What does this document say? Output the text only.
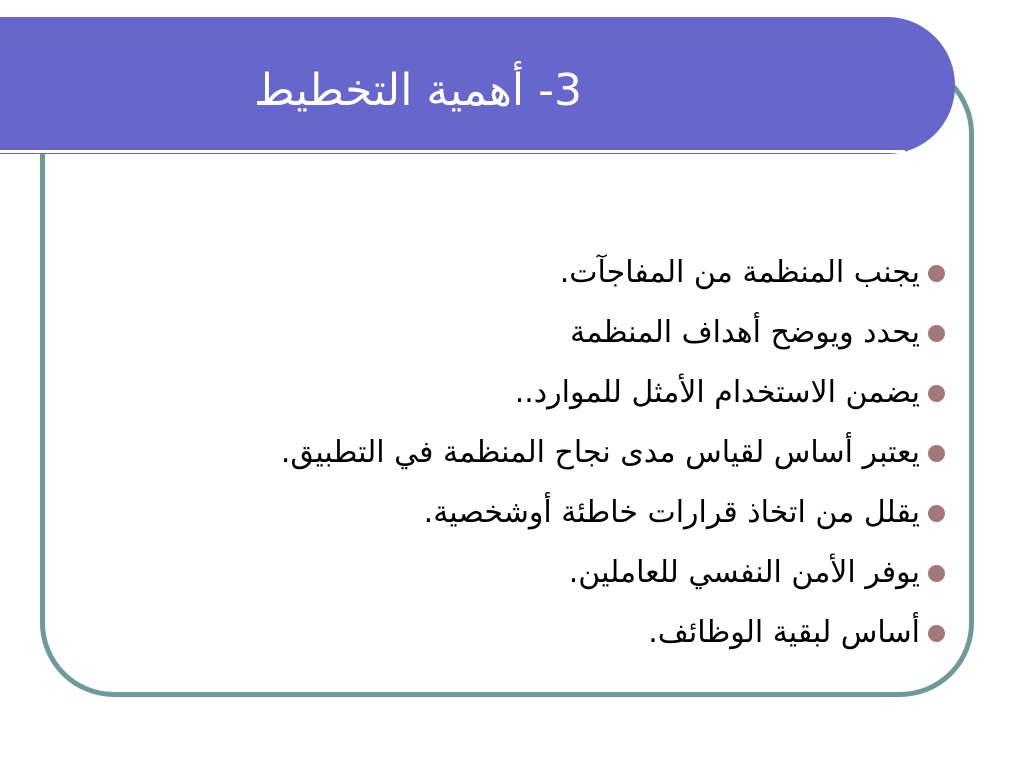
3- أهمية التخطيط
يجنب المنظمة من المفاجآت.
يحدد ويوضح أهداف المنظمة
يضمن الاستخدام الأمثل للموارد..
يعتبر أساس لقياس مدى نجاح المنظمة في التطبيق.
يقلل من اتخاذ قرارات خاطئة أوشخصية.
يوفر الأمن النفسي للعاملين.
أساس لبقية الوظائف.
